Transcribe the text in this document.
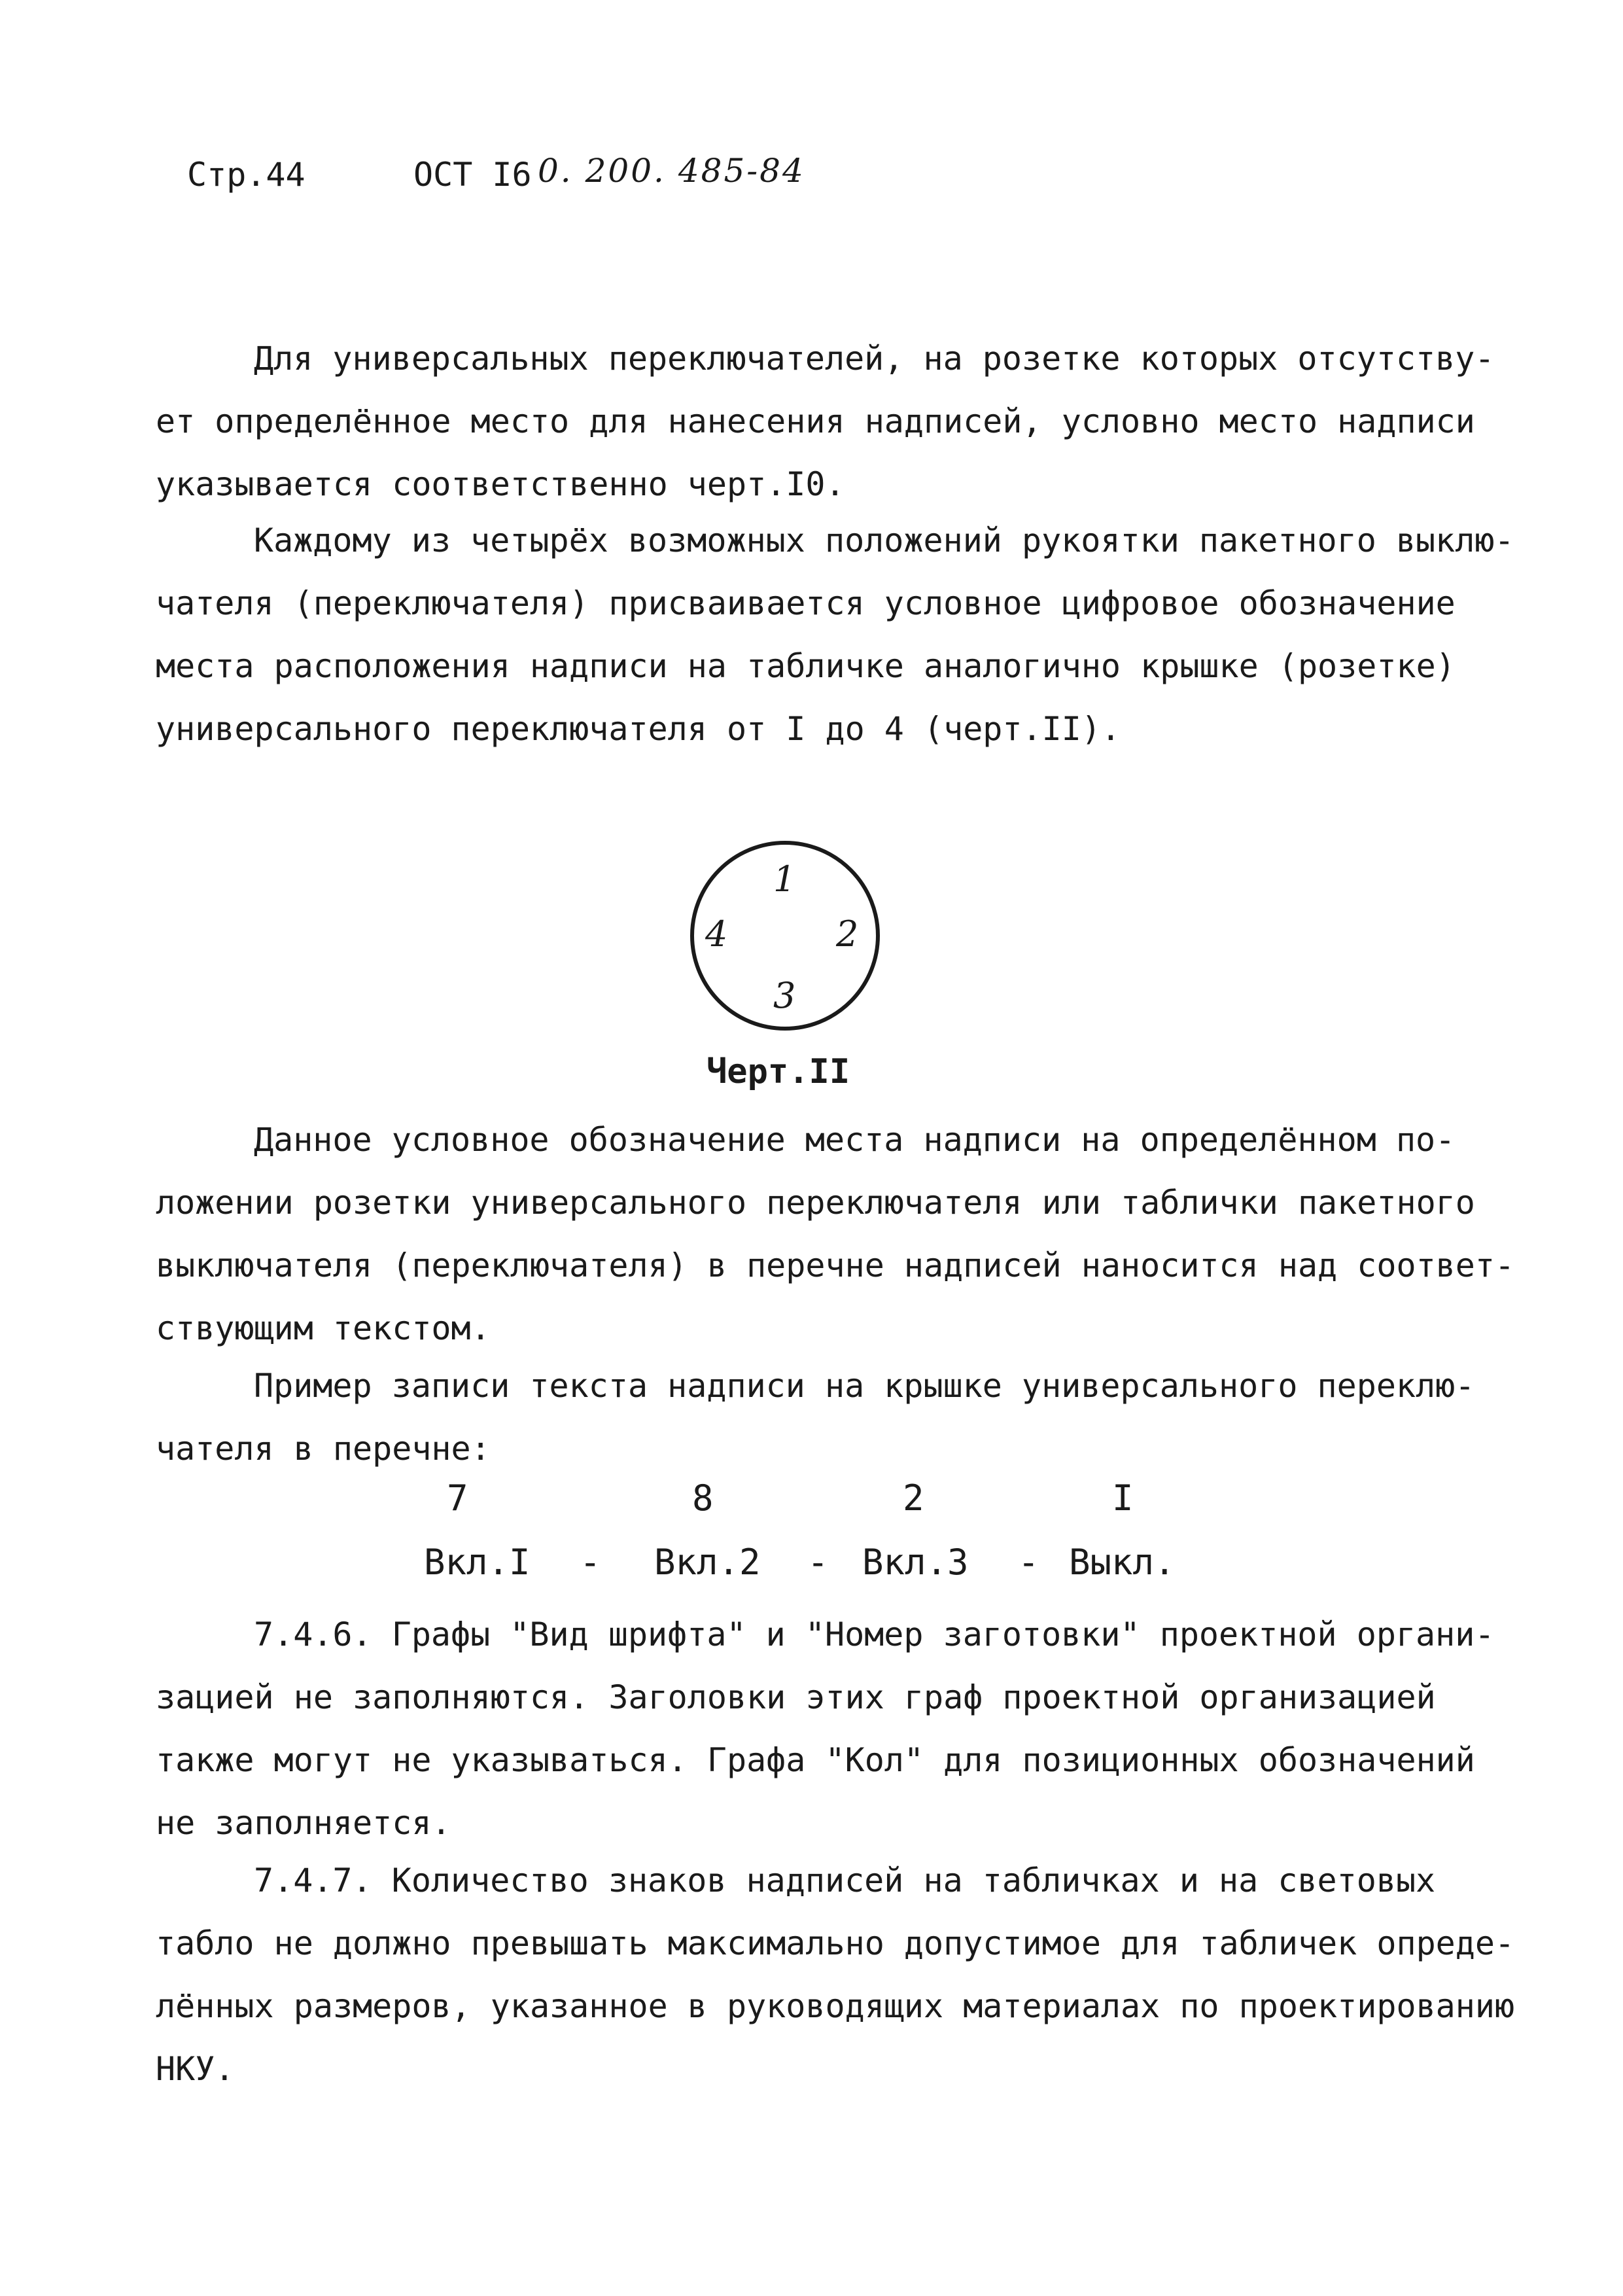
Стр.44	ОСТ I6 0. 200. 485-84
Для универсальных переключателей, на розетке которых отсутству-
ет определённое место для нанесения надписей, условно место надписи
указывается соответственно черт.I0.
Каждому из четырёх возможных положений рукоятки пакетного выклю-
чателя (переключателя) присваивается условное цифровое обозначение
места расположения надписи на табличке аналогично крышке (розетке)
универсального переключателя от I до 4 (черт.II).
1
2
3
4
Черт.II
Данное условное обозначение места надписи на определённом по-
ложении розетки универсального переключателя или таблички пакетного
выключателя (переключателя) в перечне надписей наносится над соответ-
ствующим текстом.
Пример записи текста надписи на крышке универсального переклю-
чателя в перечне:
7	8	2	I
Вкл.I - Вкл.2 - Вкл.3 - Выкл.
7.4.6. Графы "Вид шрифта" и "Номер заготовки" проектной органи-
зацией не заполняются. Заголовки этих граф проектной организацией
также могут не указываться. Графа "Кол" для позиционных обозначений
не заполняется.
7.4.7. Количество знаков надписей на табличках и на световых
табло не должно превышать максимально допустимое для табличек опреде-
лённых размеров, указанное в руководящих материалах по проектированию
НКУ.
